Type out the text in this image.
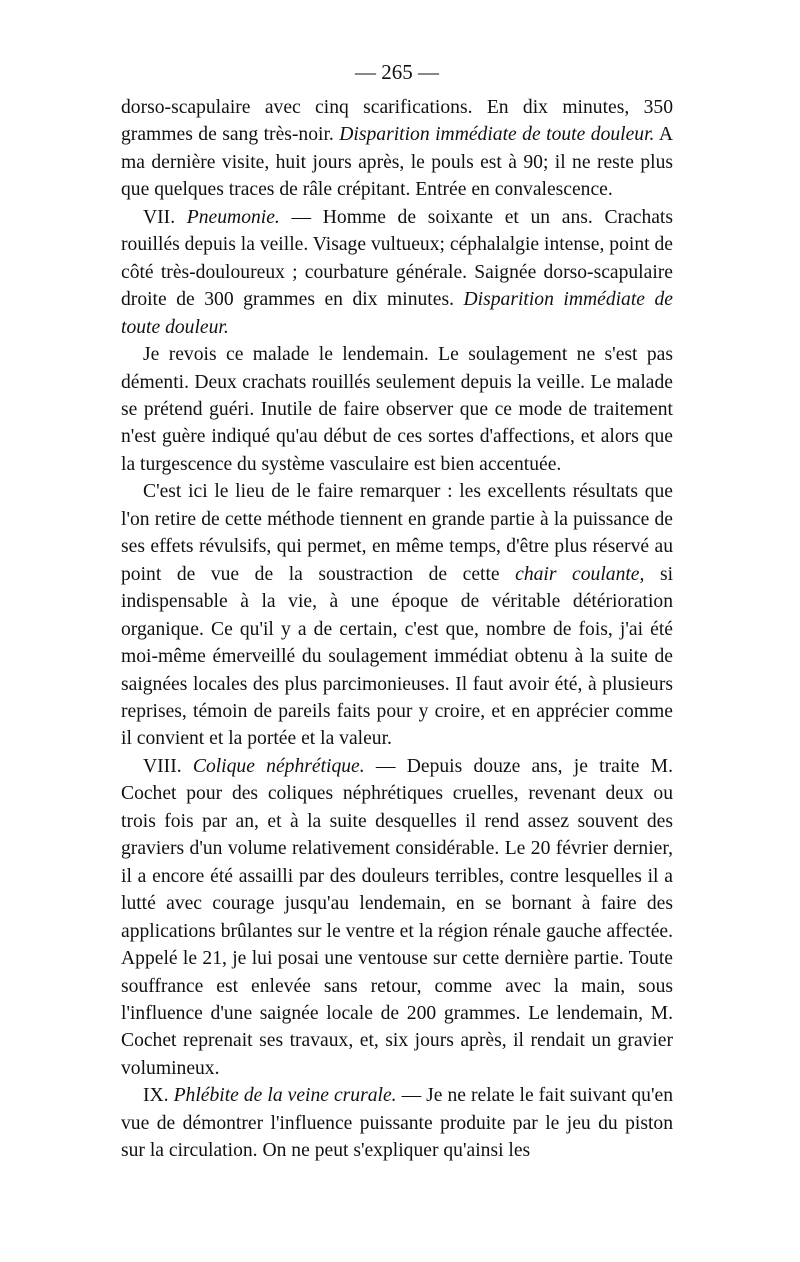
— 265 —

dorso-scapulaire avec cinq scarifications. En dix minutes, 350 grammes de sang très-noir. Disparition immédiate de toute douleur. A ma dernière visite, huit jours après, le pouls est à 90; il ne reste plus que quelques traces de râle crépitant. Entrée en convalescence.

VII. Pneumonie. — Homme de soixante et un ans. Crachats rouillés depuis la veille. Visage vultueux; céphalalgie intense, point de côté très-douloureux ; courbature générale. Saignée dorso-scapulaire droite de 300 grammes en dix minutes. Disparition immédiate de toute douleur.

Je revois ce malade le lendemain. Le soulagement ne s'est pas démenti. Deux crachats rouillés seulement depuis la veille. Le malade se prétend guéri. Inutile de faire observer que ce mode de traitement n'est guère indiqué qu'au début de ces sortes d'affections, et alors que la turgescence du système vasculaire est bien accentuée.

C'est ici le lieu de le faire remarquer : les excellents résultats que l'on retire de cette méthode tiennent en grande partie à la puissance de ses effets révulsifs, qui permet, en même temps, d'être plus réservé au point de vue de la soustraction de cette chair coulante, si indispensable à la vie, à une époque de véritable détérioration organique. Ce qu'il y a de certain, c'est que, nombre de fois, j'ai été moi-même émerveillé du soulagement immédiat obtenu à la suite de saignées locales des plus parcimonieuses. Il faut avoir été, à plusieurs reprises, témoin de pareils faits pour y croire, et en apprécier comme il convient et la portée et la valeur.

VIII. Colique néphrétique. — Depuis douze ans, je traite M. Cochet pour des coliques néphrétiques cruelles, revenant deux ou trois fois par an, et à la suite desquelles il rend assez souvent des graviers d'un volume relativement considérable. Le 20 février dernier, il a encore été assailli par des douleurs terribles, contre lesquelles il a lutté avec courage jusqu'au lendemain, en se bornant à faire des applications brûlantes sur le ventre et la région rénale gauche affectée. Appelé le 21, je lui posai une ventouse sur cette dernière partie. Toute souffrance est enlevée sans retour, comme avec la main, sous l'influence d'une saignée locale de 200 grammes. Le lendemain, M. Cochet reprenait ses travaux, et, six jours après, il rendait un gravier volumineux.

IX. Phlébite de la veine crurale. — Je ne relate le fait suivant qu'en vue de démontrer l'influence puissante produite par le jeu du piston sur la circulation. On ne peut s'expliquer qu'ainsi les
